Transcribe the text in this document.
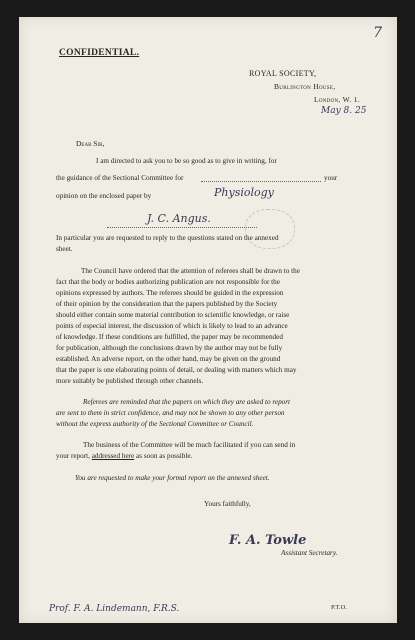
7
CONFIDENTIAL.
ROYAL SOCIETY,
Burlington House,
London, W. 1.
May 8. 25
Dear Sir,
I am directed to ask you to be so good as to give in writing, for
the guidance of the Sectional Committee for
Physiology
your
opinion on the enclosed paper by
J. C. Angus.
In particular you are requested to reply to the questions stated on the annexed
sheet.
The Council have ordered that the attention of referees shall be drawn to the
fact that the body or bodies authorizing publication are not responsible for the
opinions expressed by authors. The referees should be guided in the expression
of their opinion by the consideration that the papers published by the Society
should either contain some material contribution to scientific knowledge, or raise
points of especial interest, the discussion of which is likely to lead to an advance
of knowledge. If these conditions are fulfilled, the paper may be recommended
for publication, although the conclusions drawn by the author may not be fully
established. An adverse report, on the other hand, may be given on the ground
that the paper is one elaborating points of detail, or dealing with matters which may
more suitably be published through other channels.
Referees are reminded that the papers on which they are asked to report
are sent to them in strict confidence, and may not be shown to any other person
without the express authority of the Sectional Committee or Council.
The business of the Committee will be much facilitated if you can send in
your report, addressed here as soon as possible.
You are requested to make your formal report on the annexed sheet.
Yours faithfully,
F. A. Towle
Assistant Secretary.
Prof. F. A. Lindemann, F.R.S.	P.T.O.
